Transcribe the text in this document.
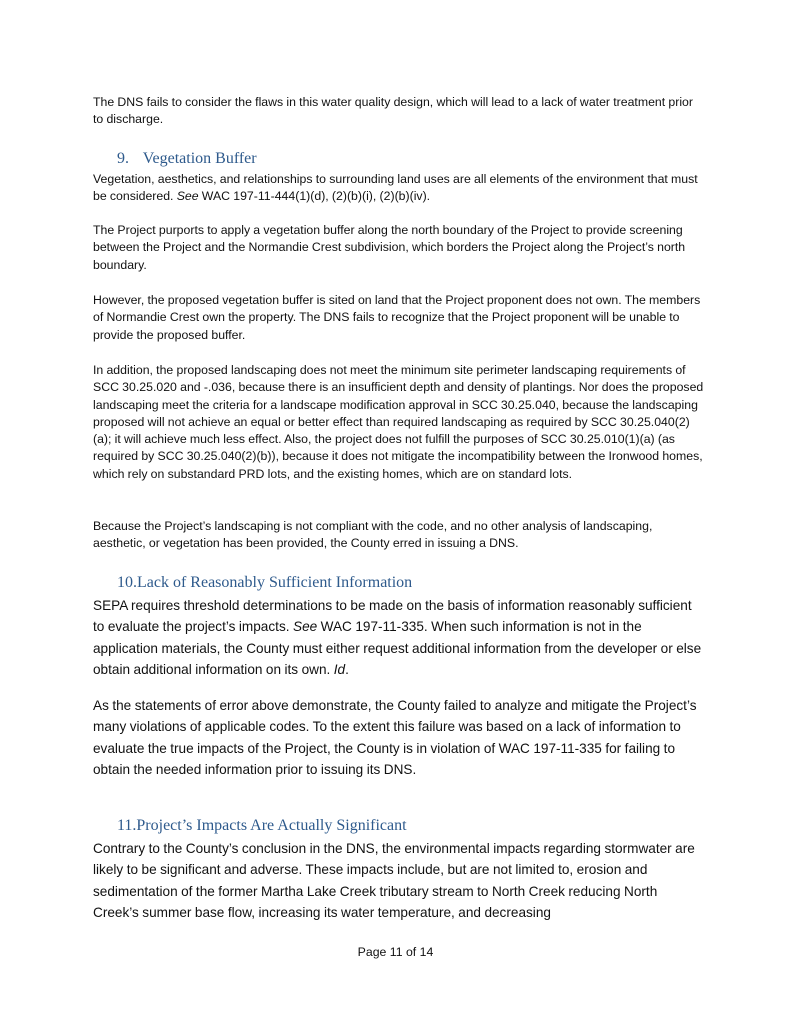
The DNS fails to consider the flaws in this water quality design, which will lead to a lack of water treatment prior to discharge.

9. Vegetation Buffer

Vegetation, aesthetics, and relationships to surrounding land uses are all elements of the environment that must be considered. See WAC 197-11-444(1)(d), (2)(b)(i), (2)(b)(iv).

The Project purports to apply a vegetation buffer along the north boundary of the Project to provide screening between the Project and the Normandie Crest subdivision, which borders the Project along the Project’s north boundary.

However, the proposed vegetation buffer is sited on land that the Project proponent does not own. The members of Normandie Crest own the property. The DNS fails to recognize that the Project proponent will be unable to provide the proposed buffer.

In addition, the proposed landscaping does not meet the minimum site perimeter landscaping requirements of SCC 30.25.020 and -.036, because there is an insufficient depth and density of plantings. Nor does the proposed landscaping meet the criteria for a landscape modification approval in SCC 30.25.040, because the landscaping proposed will not achieve an equal or better effect than required landscaping as required by SCC 30.25.040(2)(a); it will achieve much less effect. Also, the project does not fulfill the purposes of SCC 30.25.010(1)(a) (as required by SCC 30.25.040(2)(b)), because it does not mitigate the incompatibility between the Ironwood homes, which rely on substandard PRD lots, and the existing homes, which are on standard lots.

Because the Project’s landscaping is not compliant with the code, and no other analysis of landscaping, aesthetic, or vegetation has been provided, the County erred in issuing a DNS.

10.Lack of Reasonably Sufficient Information

SEPA requires threshold determinations to be made on the basis of information reasonably sufficient to evaluate the project’s impacts. See WAC 197-11-335. When such information is not in the application materials, the County must either request additional information from the developer or else obtain additional information on its own. Id.

As the statements of error above demonstrate, the County failed to analyze and mitigate the Project’s many violations of applicable codes. To the extent this failure was based on a lack of information to evaluate the true impacts of the Project, the County is in violation of WAC 197-11-335 for failing to obtain the needed information prior to issuing its DNS.

11.Project’s Impacts Are Actually Significant

Contrary to the County’s conclusion in the DNS, the environmental impacts regarding stormwater are likely to be significant and adverse. These impacts include, but are not limited to, erosion and sedimentation of the former Martha Lake Creek tributary stream to North Creek reducing North Creek’s summer base flow, increasing its water temperature, and decreasing

Page 11 of 14
